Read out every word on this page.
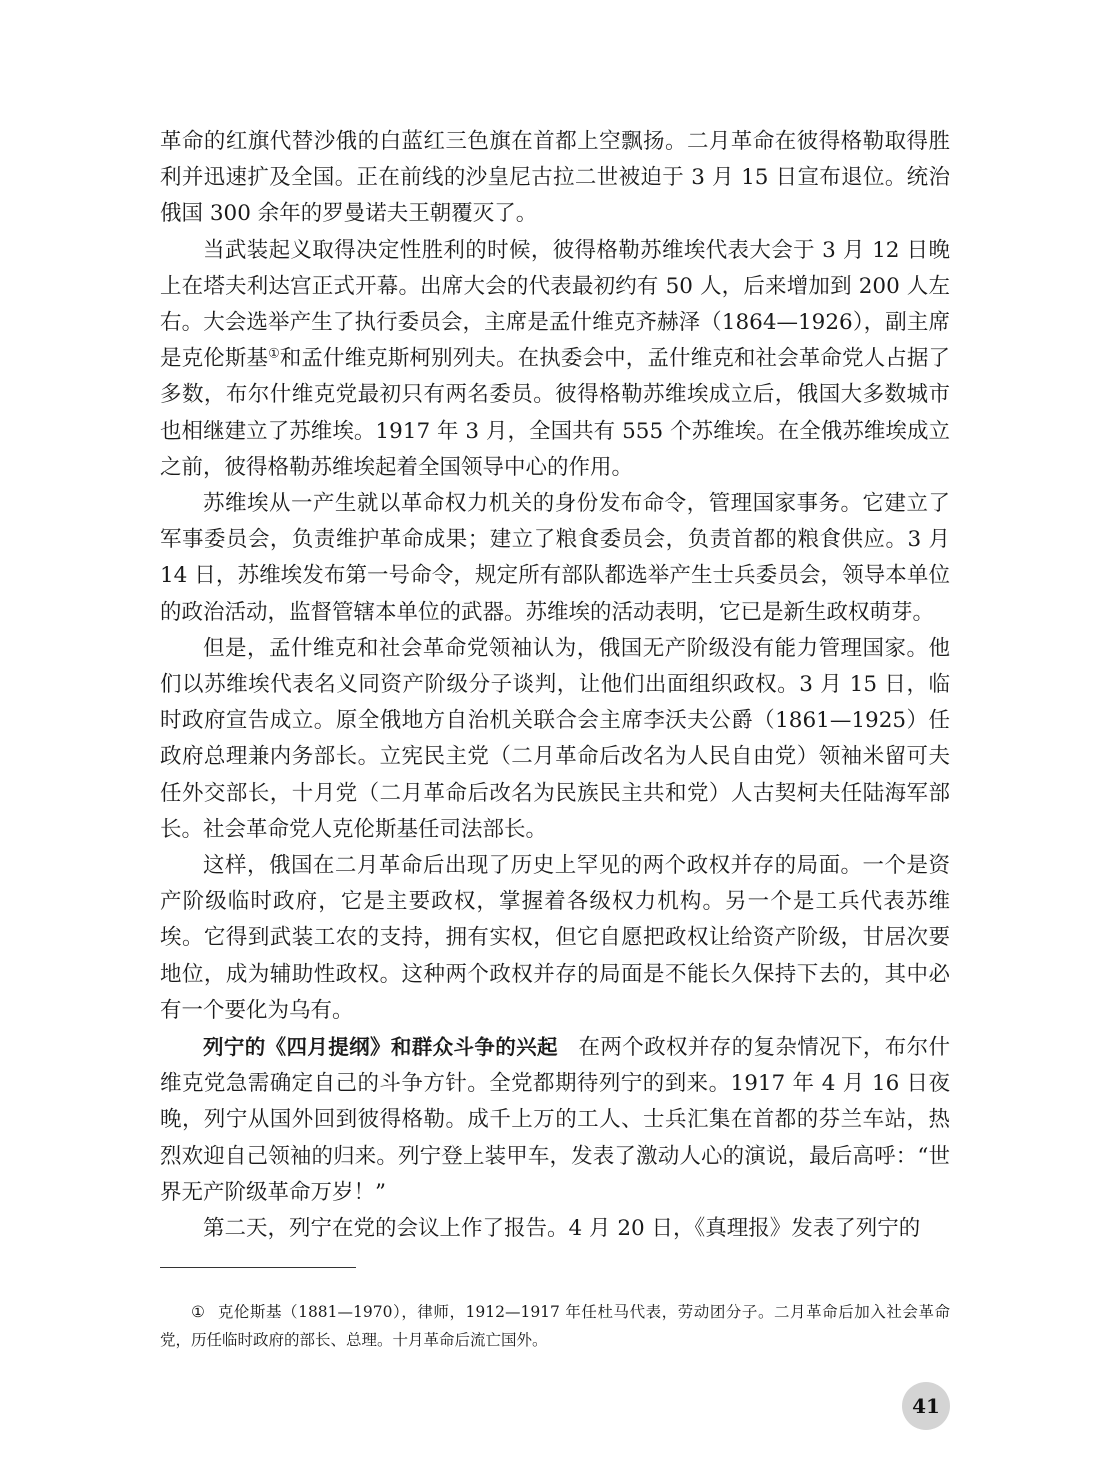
革命的红旗代替沙俄的白蓝红三色旗在首都上空飘扬。二月革命在彼得格勒取得胜利并迅速扩及全国。正在前线的沙皇尼古拉二世被迫于 3 月 15 日宣布退位。统治俄国 300 余年的罗曼诺夫王朝覆灭了。

当武装起义取得决定性胜利的时候，彼得格勒苏维埃代表大会于 3 月 12 日晚上在塔夫利达宫正式开幕。出席大会的代表最初约有 50 人，后来增加到 200 人左右。大会选举产生了执行委员会，主席是孟什维克齐赫泽（1864—1926），副主席是克伦斯基①和孟什维克斯柯别列夫。在执委会中，孟什维克和社会革命党人占据了多数，布尔什维克党最初只有两名委员。彼得格勒苏维埃成立后，俄国大多数城市也相继建立了苏维埃。1917 年 3 月，全国共有 555 个苏维埃。在全俄苏维埃成立之前，彼得格勒苏维埃起着全国领导中心的作用。

苏维埃从一产生就以革命权力机关的身份发布命令，管理国家事务。它建立了军事委员会，负责维护革命成果；建立了粮食委员会，负责首都的粮食供应。3 月 14 日，苏维埃发布第一号命令，规定所有部队都选举产生士兵委员会，领导本单位的政治活动，监督管辖本单位的武器。苏维埃的活动表明，它已是新生政权萌芽。

但是，孟什维克和社会革命党领袖认为，俄国无产阶级没有能力管理国家。他们以苏维埃代表名义同资产阶级分子谈判，让他们出面组织政权。3 月 15 日，临时政府宣告成立。原全俄地方自治机关联合会主席李沃夫公爵（1861—1925）任政府总理兼内务部长。立宪民主党（二月革命后改名为人民自由党）领袖米留可夫任外交部长，十月党（二月革命后改名为民族民主共和党）人古契柯夫任陆海军部长。社会革命党人克伦斯基任司法部长。

这样，俄国在二月革命后出现了历史上罕见的两个政权并存的局面。一个是资产阶级临时政府，它是主要政权，掌握着各级权力机构。另一个是工兵代表苏维埃。它得到武装工农的支持，拥有实权，但它自愿把政权让给资产阶级，甘居次要地位，成为辅助性政权。这种两个政权并存的局面是不能长久保持下去的，其中必有一个要化为乌有。

列宁的《四月提纲》和群众斗争的兴起 在两个政权并存的复杂情况下，布尔什维克党急需确定自己的斗争方针。全党都期待列宁的到来。1917 年 4 月 16 日夜晚，列宁从国外回到彼得格勒。成千上万的工人、士兵汇集在首都的芬兰车站，热烈欢迎自己领袖的归来。列宁登上装甲车，发表了激动人心的演说，最后高呼：“世界无产阶级革命万岁！”

第二天，列宁在党的会议上作了报告。4 月 20 日，《真理报》发表了列宁的

① 克伦斯基（1881—1970），律师，1912—1917 年任杜马代表，劳动团分子。二月革命后加入社会革命党，历任临时政府的部长、总理。十月革命后流亡国外。
41
